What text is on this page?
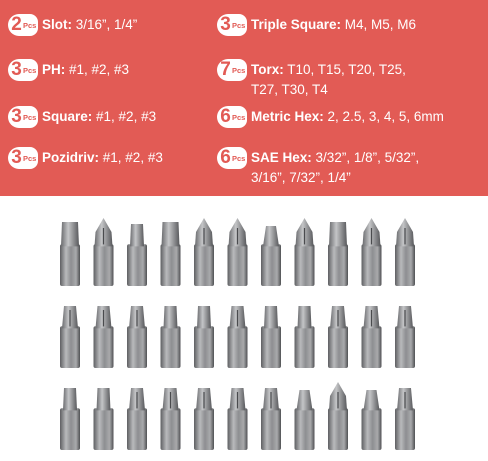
2 Pcs Slot: 3/16”, 1/4”
3 Pcs PH: #1, #2, #3
3 Pcs Square: #1, #2, #3
3 Pcs Pozidriv: #1, #2, #3
3 Pcs Triple Square: M4, M5, M6
7 Pcs Torx: T10, T15, T20, T25,
T27, T30, T4
6 Pcs Metric Hex: 2, 2.5, 3, 4, 5, 6mm
6 Pcs SAE Hex: 3/32”, 1/8”, 5/32”,
3/16”, 7/32”, 1/4”
